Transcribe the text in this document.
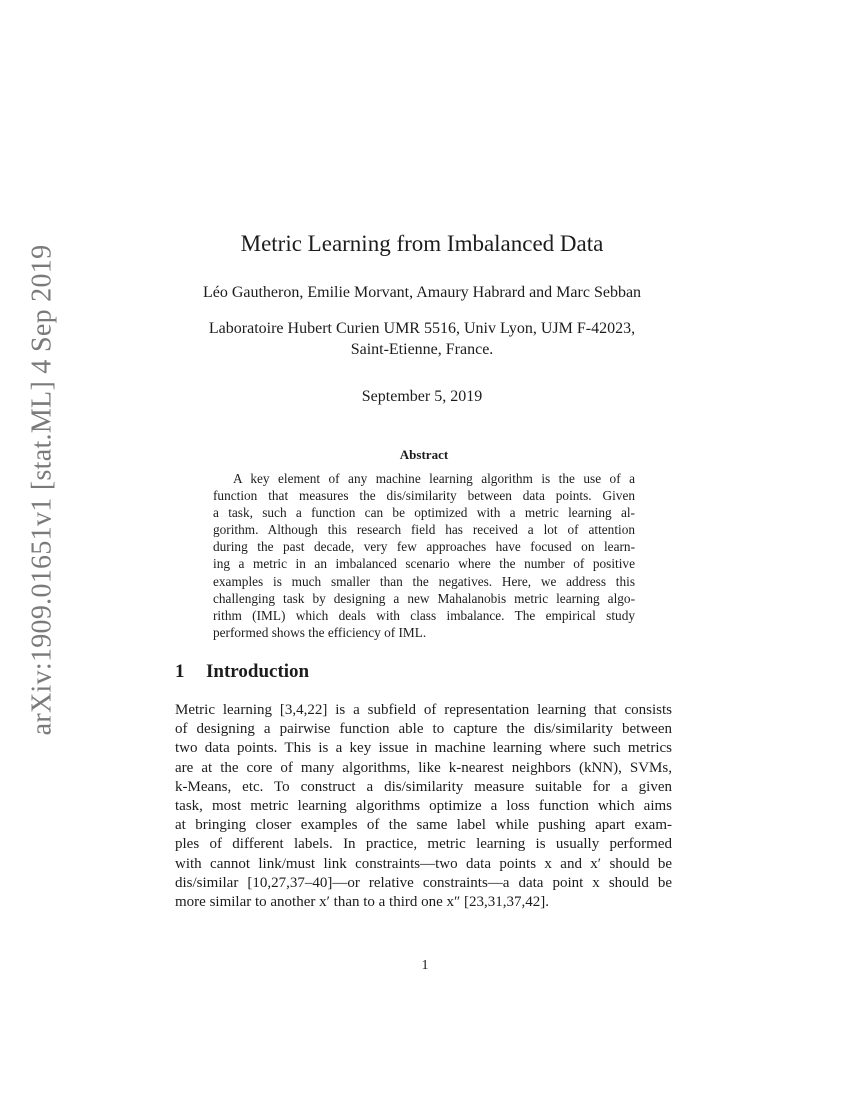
arXiv:1909.01651v1 [stat.ML] 4 Sep 2019
Metric Learning from Imbalanced Data
Léo Gautheron, Emilie Morvant, Amaury Habrard and Marc Sebban
Laboratoire Hubert Curien UMR 5516, Univ Lyon, UJM F-42023,
Saint-Etienne, France.
September 5, 2019
Abstract
A key element of any machine learning algorithm is the use of a
function that measures the dis/similarity between data points. Given
a task, such a function can be optimized with a metric learning al-
gorithm. Although this research field has received a lot of attention
during the past decade, very few approaches have focused on learn-
ing a metric in an imbalanced scenario where the number of positive
examples is much smaller than the negatives. Here, we address this
challenging task by designing a new Mahalanobis metric learning algo-
rithm (IML) which deals with class imbalance. The empirical study
performed shows the efficiency of IML.
1 Introduction
Metric learning [3,4,22] is a subfield of representation learning that consists
of designing a pairwise function able to capture the dis/similarity between
two data points. This is a key issue in machine learning where such metrics
are at the core of many algorithms, like k-nearest neighbors (kNN), SVMs,
k-Means, etc. To construct a dis/similarity measure suitable for a given
task, most metric learning algorithms optimize a loss function which aims
at bringing closer examples of the same label while pushing apart exam-
ples of different labels. In practice, metric learning is usually performed
with cannot link/must link constraints—two data points x and x′ should be
dis/similar [10,27,37–40]—or relative constraints—a data point x should be
more similar to another x′ than to a third one x″ [23,31,37,42].
1
